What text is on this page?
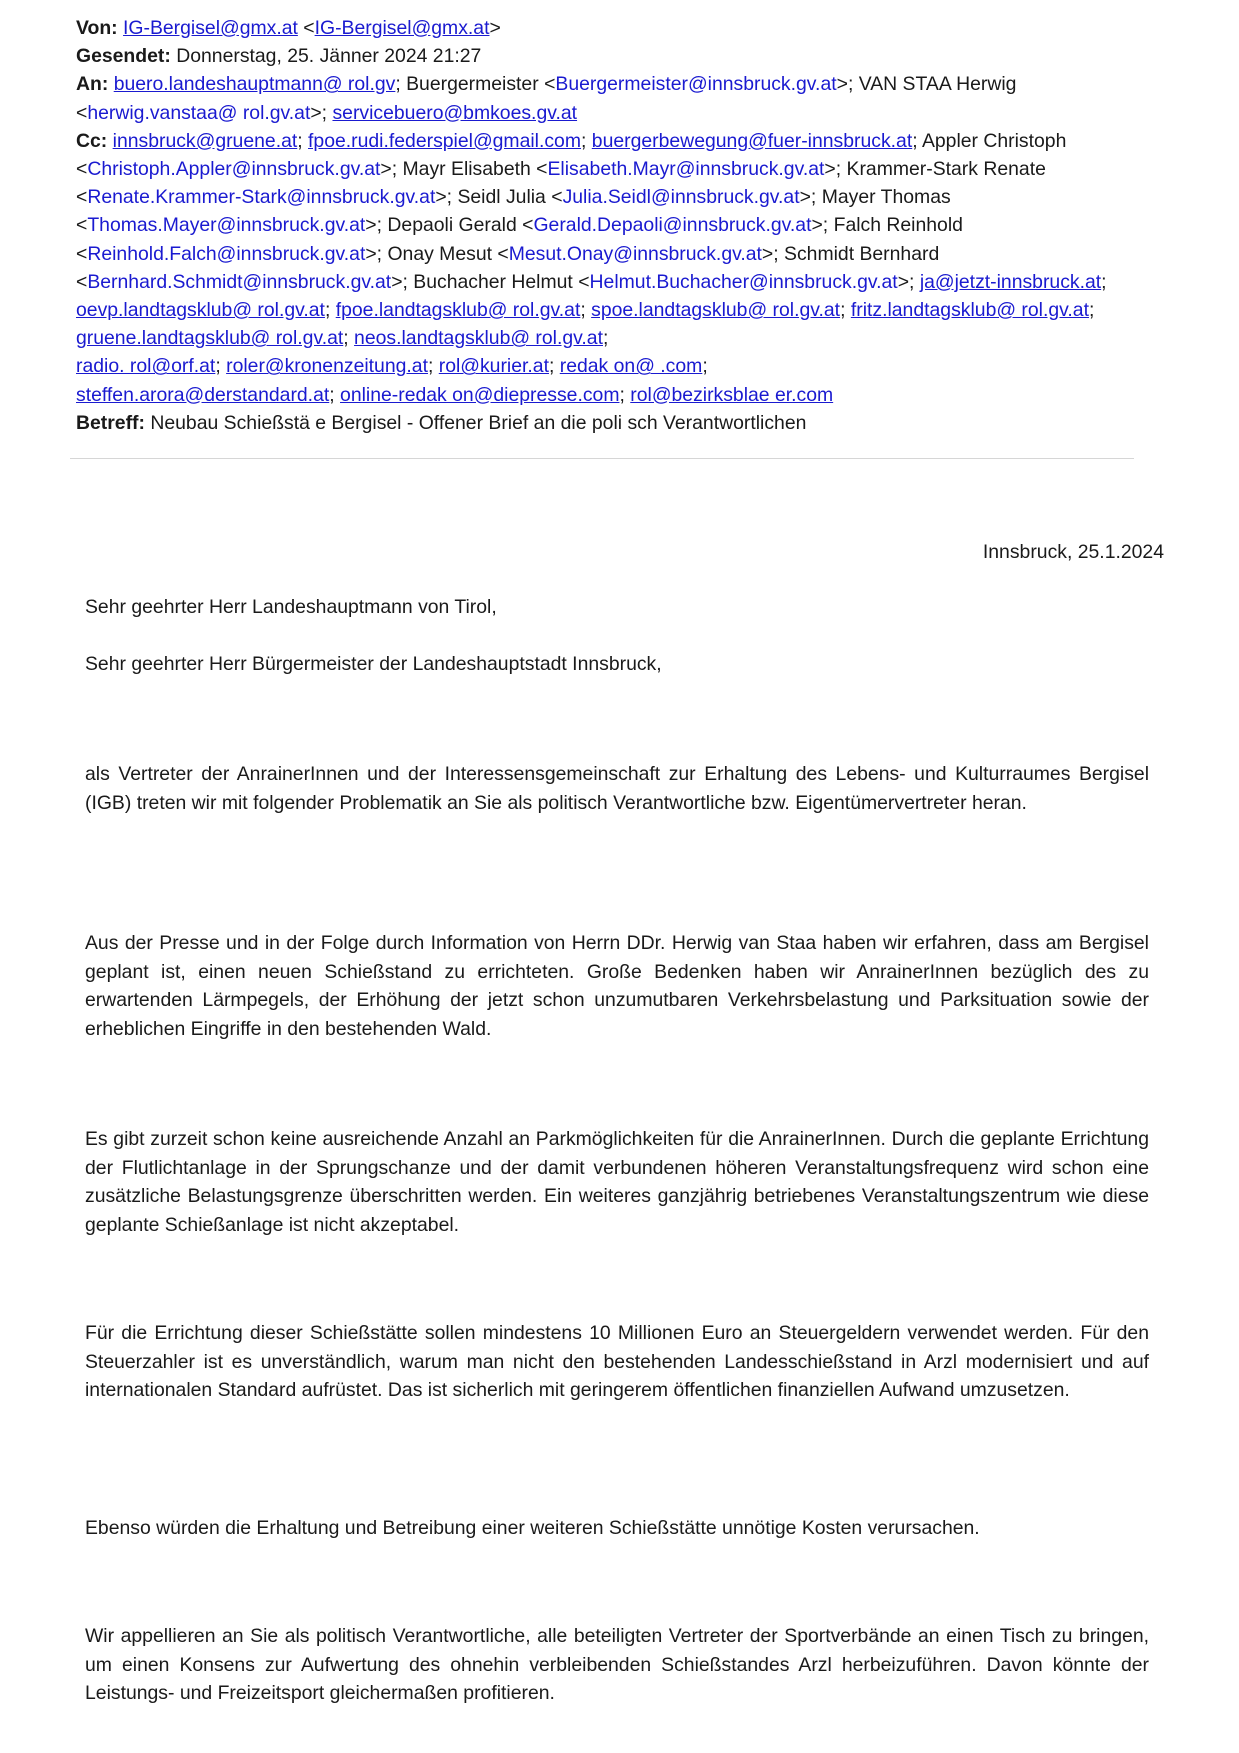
Von: IG-Bergisel@gmx.at <IG-Bergisel@gmx.at>
Gesendet: Donnerstag, 25. Jänner 2024 21:27
An: buero.landeshauptmann@ rol.gv; Buergermeister <Buergermeister@innsbruck.gv.at>; VAN STAA Herwig
<herwig.vanstaa@ rol.gv.at>; servicebuero@bmkoes.gv.at
Cc: innsbruck@gruene.at; fpoe.rudi.federspiel@gmail.com; buergerbewegung@fuer-innsbruck.at; Appler Christoph <Christoph.Appler@innsbruck.gv.at>; Mayr Elisabeth <Elisabeth.Mayr@innsbruck.gv.at>; Krammer-Stark Renate <Renate.Krammer-Stark@innsbruck.gv.at>; Seidl Julia <Julia.Seidl@innsbruck.gv.at>; Mayer Thomas <Thomas.Mayer@innsbruck.gv.at>; Depaoli Gerald <Gerald.Depaoli@innsbruck.gv.at>; Falch Reinhold <Reinhold.Falch@innsbruck.gv.at>; Onay Mesut <Mesut.Onay@innsbruck.gv.at>; Schmidt Bernhard <Bernhard.Schmidt@innsbruck.gv.at>; Buchacher Helmut <Helmut.Buchacher@innsbruck.gv.at>; ja@jetzt-innsbruck.at; oevp.landtagsklub@ rol.gv.at; fpoe.landtagsklub@ rol.gv.at; spoe.landtagsklub@ rol.gv.at; fritz.landtagsklub@ rol.gv.at; gruene.landtagsklub@ rol.gv.at; neos.landtagsklub@ rol.gv.at;
radio. rol@orf.at; roler@kronenzeitung.at; rol@kurier.at; redak on@ .com;
steffen.arora@derstandard.at; online-redak on@diepresse.com; rol@bezirksblae er.com
Betreff: Neubau Schießstä e Bergisel - Offener Brief an die poli sch Verantwortlichen
Innsbruck, 25.1.2024
Sehr geehrter Herr Landeshauptmann von Tirol,
Sehr geehrter Herr Bürgermeister der Landeshauptstadt Innsbruck,
als Vertreter der AnrainerInnen und der Interessensgemeinschaft zur Erhaltung des Lebens- und Kulturraumes Bergisel (IGB) treten wir mit folgender Problematik an Sie als politisch Verantwortliche bzw. Eigentümervertreter heran.
Aus der Presse und in der Folge durch Information von Herrn DDr. Herwig van Staa haben wir erfahren, dass am Bergisel geplant ist, einen neuen Schießstand zu errichteten. Große Bedenken haben wir AnrainerInnen bezüglich des zu erwartenden Lärmpegels, der Erhöhung der jetzt schon unzumutbaren Verkehrsbelastung und Parksituation sowie der erheblichen Eingriffe in den bestehenden Wald.
Es gibt zurzeit schon keine ausreichende Anzahl an Parkmöglichkeiten für die AnrainerInnen. Durch die geplante Errichtung der Flutlichtanlage in der Sprungschanze und der damit verbundenen höheren Veranstaltungsfrequenz wird schon eine zusätzliche Belastungsgrenze überschritten werden. Ein weiteres ganzjährig betriebenes Veranstaltungszentrum wie diese geplante Schießanlage ist nicht akzeptabel.
Für die Errichtung dieser Schießstätte sollen mindestens 10 Millionen Euro an Steuergeldern verwendet werden. Für den Steuerzahler ist es unverständlich, warum man nicht den bestehenden Landesschießstand in Arzl modernisiert und auf internationalen Standard aufrüstet. Das ist sicherlich mit geringerem öffentlichen finanziellen Aufwand umzusetzen.
Ebenso würden die Erhaltung und Betreibung einer weiteren Schießstätte unnötige Kosten verursachen.
Wir appellieren an Sie als politisch Verantwortliche, alle beteiligten Vertreter der Sportverbände an einen Tisch zu bringen, um einen Konsens zur Aufwertung des ohnehin verbleibenden Schießstandes Arzl herbeizuführen. Davon könnte der Leistungs- und Freizeitsport gleichermaßen profitieren.
